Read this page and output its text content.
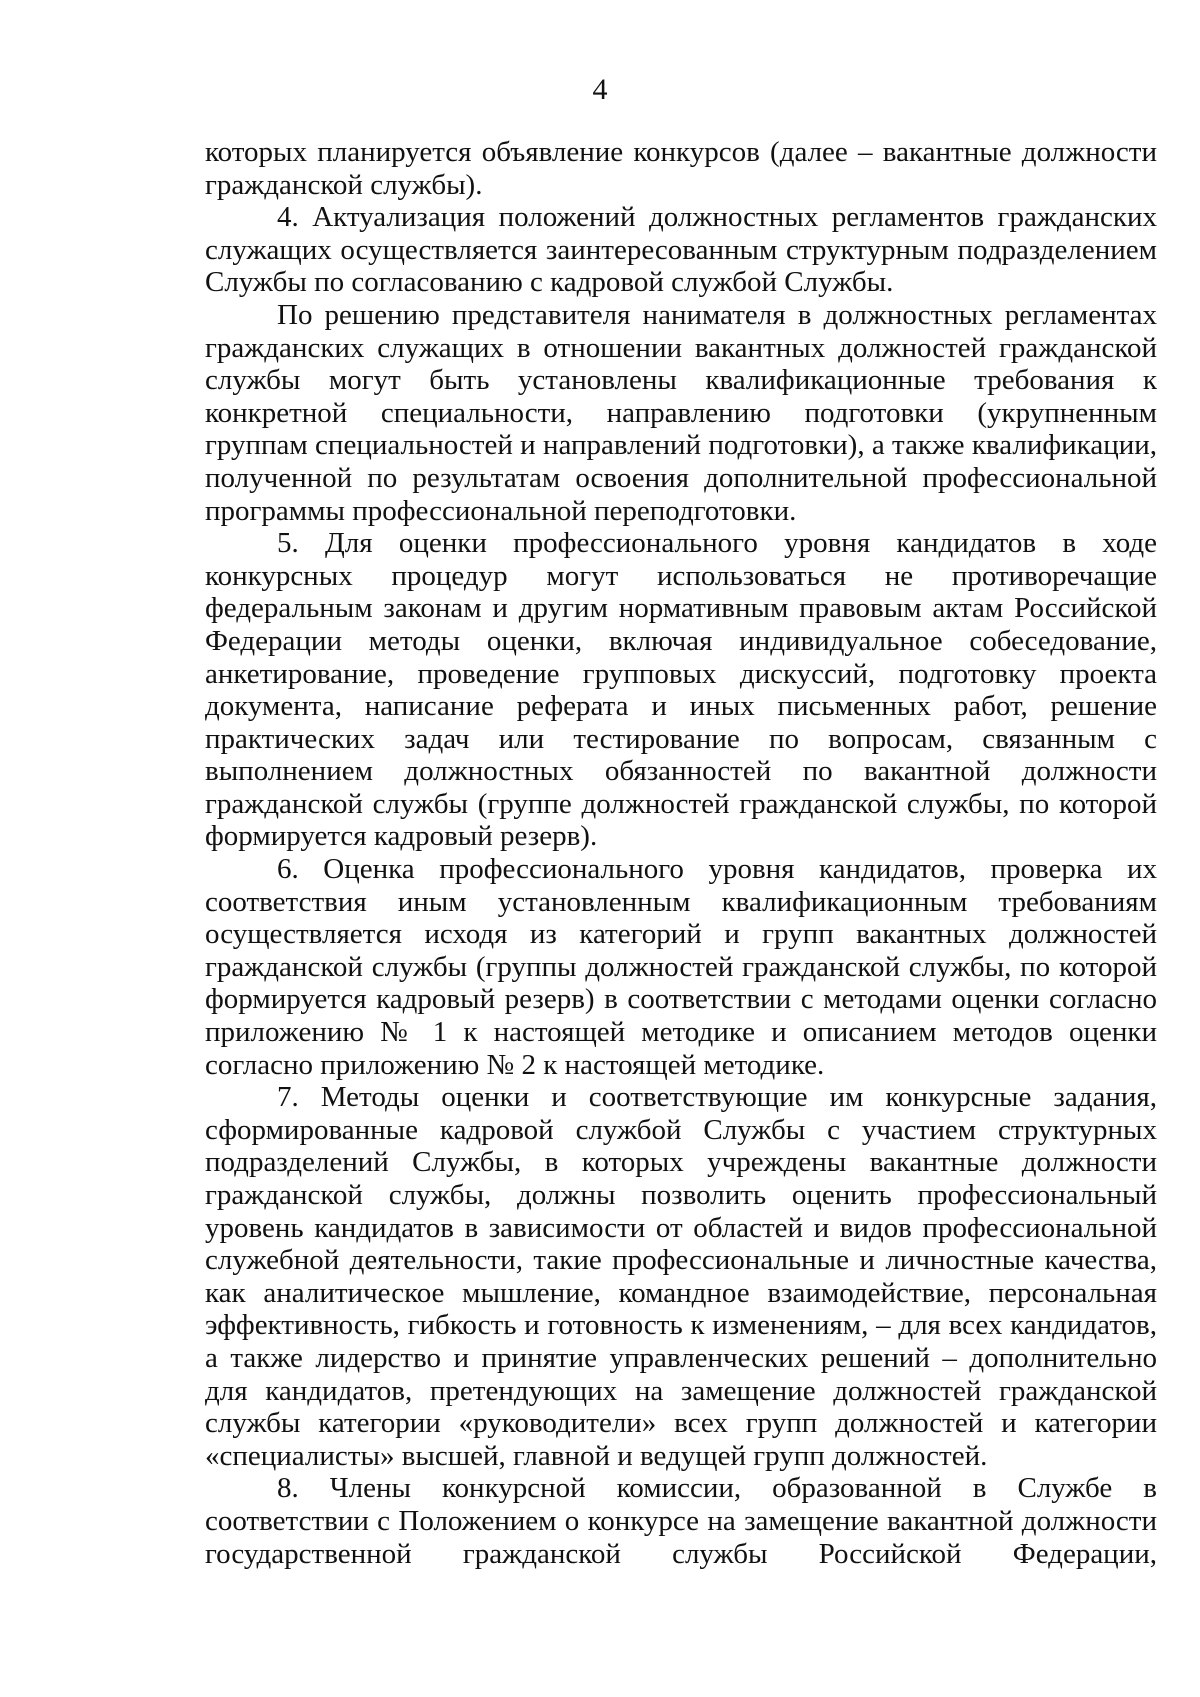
4

которых планируется объявление конкурсов (далее – вакантные должности гражданской службы).

4. Актуализация положений должностных регламентов гражданских служащих осуществляется заинтересованным структурным подразделением Службы по согласованию с кадровой службой Службы.

По решению представителя нанимателя в должностных регламентах гражданских служащих в отношении вакантных должностей гражданской службы могут быть установлены квалификационные требования к конкретной специальности, направлению подготовки (укрупненным группам специальностей и направлений подготовки), а также квалификации, полученной по результатам освоения дополнительной профессиональной программы профессиональной переподготовки.

5. Для оценки профессионального уровня кандидатов в ходе конкурсных процедур могут использоваться не противоречащие федеральным законам и другим нормативным правовым актам Российской Федерации методы оценки, включая индивидуальное собеседование, анкетирование, проведение групповых дискуссий, подготовку проекта документа, написание реферата и иных письменных работ, решение практических задач или тестирование по вопросам, связанным с выполнением должностных обязанностей по вакантной должности гражданской службы (группе должностей гражданской службы, по которой формируется кадровый резерв).

6. Оценка профессионального уровня кандидатов, проверка их соответствия иным установленным квалификационным требованиям осуществляется исходя из категорий и групп вакантных должностей гражданской службы (группы должностей гражданской службы, по которой формируется кадровый резерв) в соответствии с методами оценки согласно приложению № 1 к настоящей методике и описанием методов оценки согласно приложению № 2 к настоящей методике.

7. Методы оценки и соответствующие им конкурсные задания, сформированные кадровой службой Службы с участием структурных подразделений Службы, в которых учреждены вакантные должности гражданской службы, должны позволить оценить профессиональный уровень кандидатов в зависимости от областей и видов профессиональной служебной деятельности, такие профессиональные и личностные качества, как аналитическое мышление, командное взаимодействие, персональная эффективность, гибкость и готовность к изменениям, – для всех кандидатов, а также лидерство и принятие управленческих решений – дополнительно для кандидатов, претендующих на замещение должностей гражданской службы категории «руководители» всех групп должностей и категории «специалисты» высшей, главной и ведущей групп должностей.

8. Члены конкурсной комиссии, образованной в Службе в соответствии с Положением о конкурсе на замещение вакантной должности государственной гражданской службы Российской Федерации,
